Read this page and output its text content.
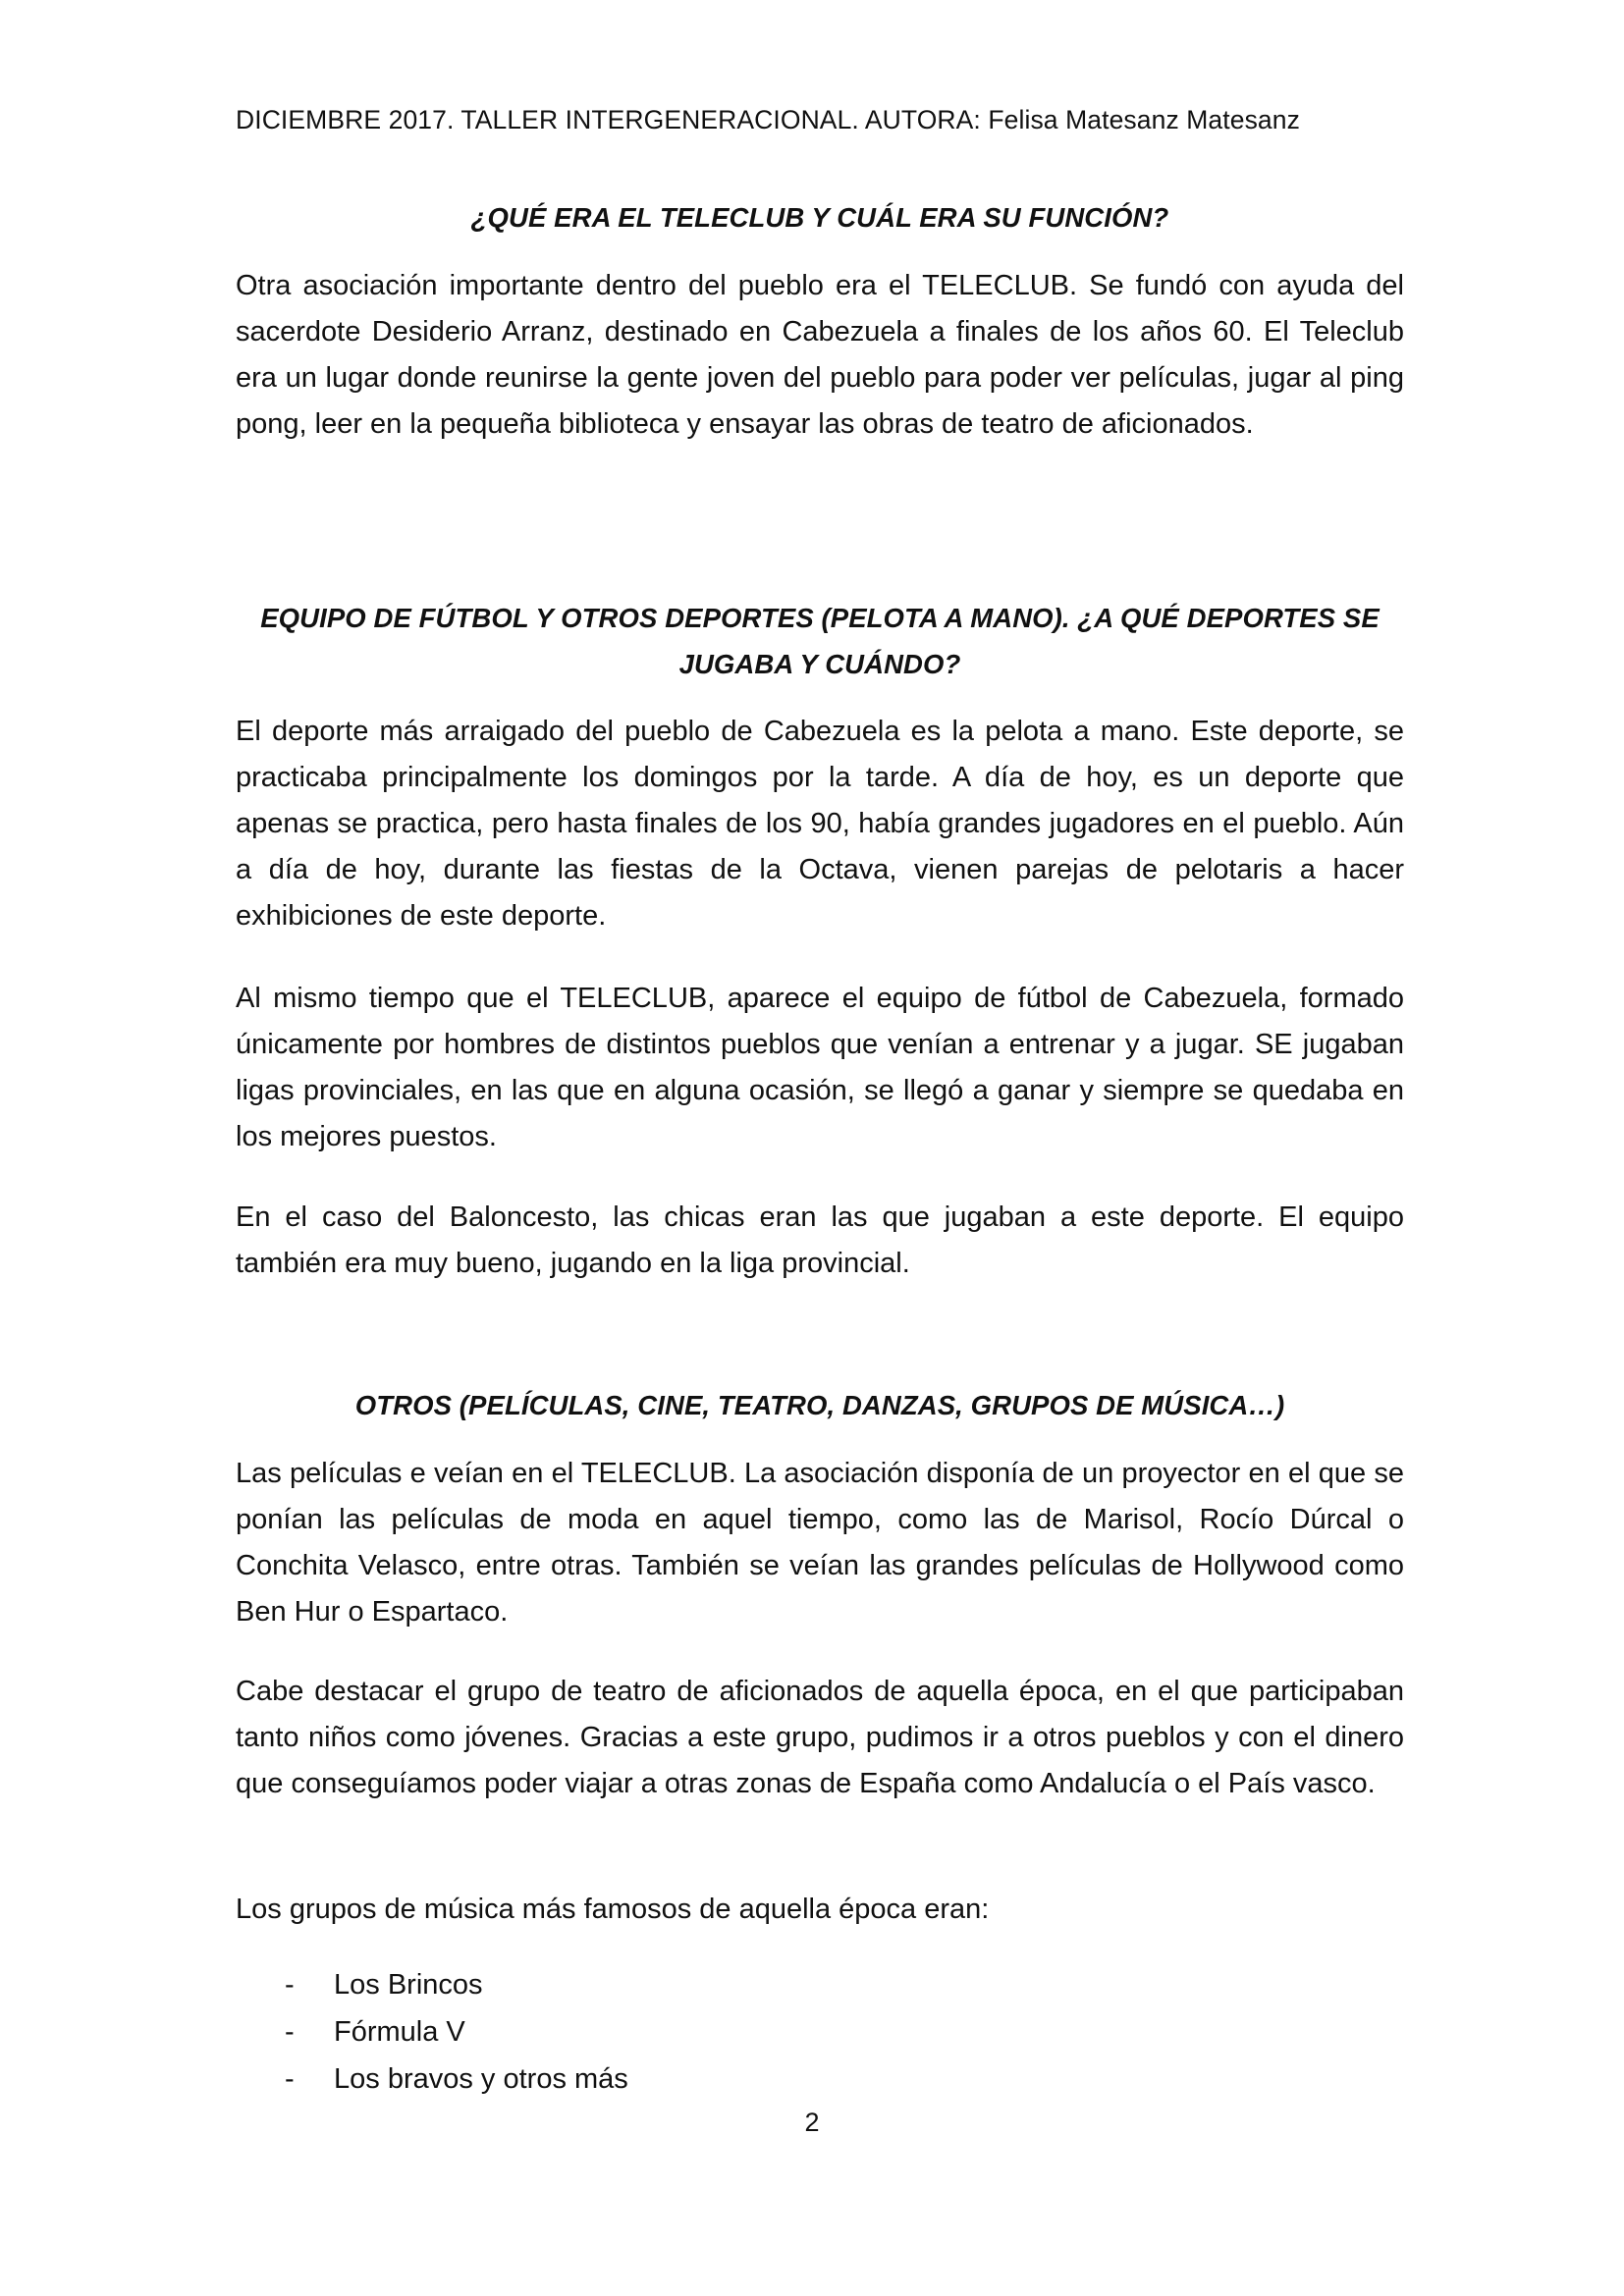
DICIEMBRE 2017. TALLER INTERGENERACIONAL. AUTORA: Felisa Matesanz Matesanz
¿QUÉ ERA EL TELECLUB Y CUÁL ERA SU FUNCIÓN?

Otra asociación importante dentro del pueblo era el TELECLUB. Se fundó con ayuda del sacerdote Desiderio Arranz, destinado en Cabezuela a finales de los años 60. El Teleclub era un lugar donde reunirse la gente joven del pueblo para poder ver películas, jugar al ping pong, leer en la pequeña biblioteca y ensayar las obras de teatro de aficionados.

EQUIPO DE FÚTBOL Y OTROS DEPORTES (PELOTA A MANO). ¿A QUÉ DEPORTES SE
JUGABA Y CUÁNDO?

El deporte más arraigado del pueblo de Cabezuela es la pelota a mano. Este deporte, se practicaba principalmente los domingos por la tarde. A día de hoy, es un deporte que apenas se practica, pero hasta finales de los 90, había grandes jugadores en el pueblo. Aún a día de hoy, durante las fiestas de la Octava, vienen parejas de pelotaris a hacer exhibiciones de este deporte.

Al mismo tiempo que el TELECLUB, aparece el equipo de fútbol de Cabezuela, formado únicamente por hombres de distintos pueblos que venían a entrenar y a jugar. SE jugaban ligas provinciales, en las que en alguna ocasión, se llegó a ganar y siempre se quedaba en los mejores puestos.

En el caso del Baloncesto, las chicas eran las que jugaban a este deporte. El equipo también era muy bueno, jugando en la liga provincial.

OTROS (PELÍCULAS, CINE, TEATRO, DANZAS, GRUPOS DE MÚSICA…)

Las películas e veían en el TELECLUB. La asociación disponía de un proyector en el que se ponían las películas de moda en aquel tiempo, como las de Marisol, Rocío Dúrcal o Conchita Velasco, entre otras. También se veían las grandes películas de Hollywood como Ben Hur o Espartaco.

Cabe destacar el grupo de teatro de aficionados de aquella época, en el que participaban tanto niños como jóvenes. Gracias a este grupo, pudimos ir a otros pueblos y con el dinero que conseguíamos poder viajar a otras zonas de España como Andalucía o el País vasco.

Los grupos de música más famosos de aquella época eran:

- Los Brincos
- Fórmula V
- Los bravos y otros más
2
